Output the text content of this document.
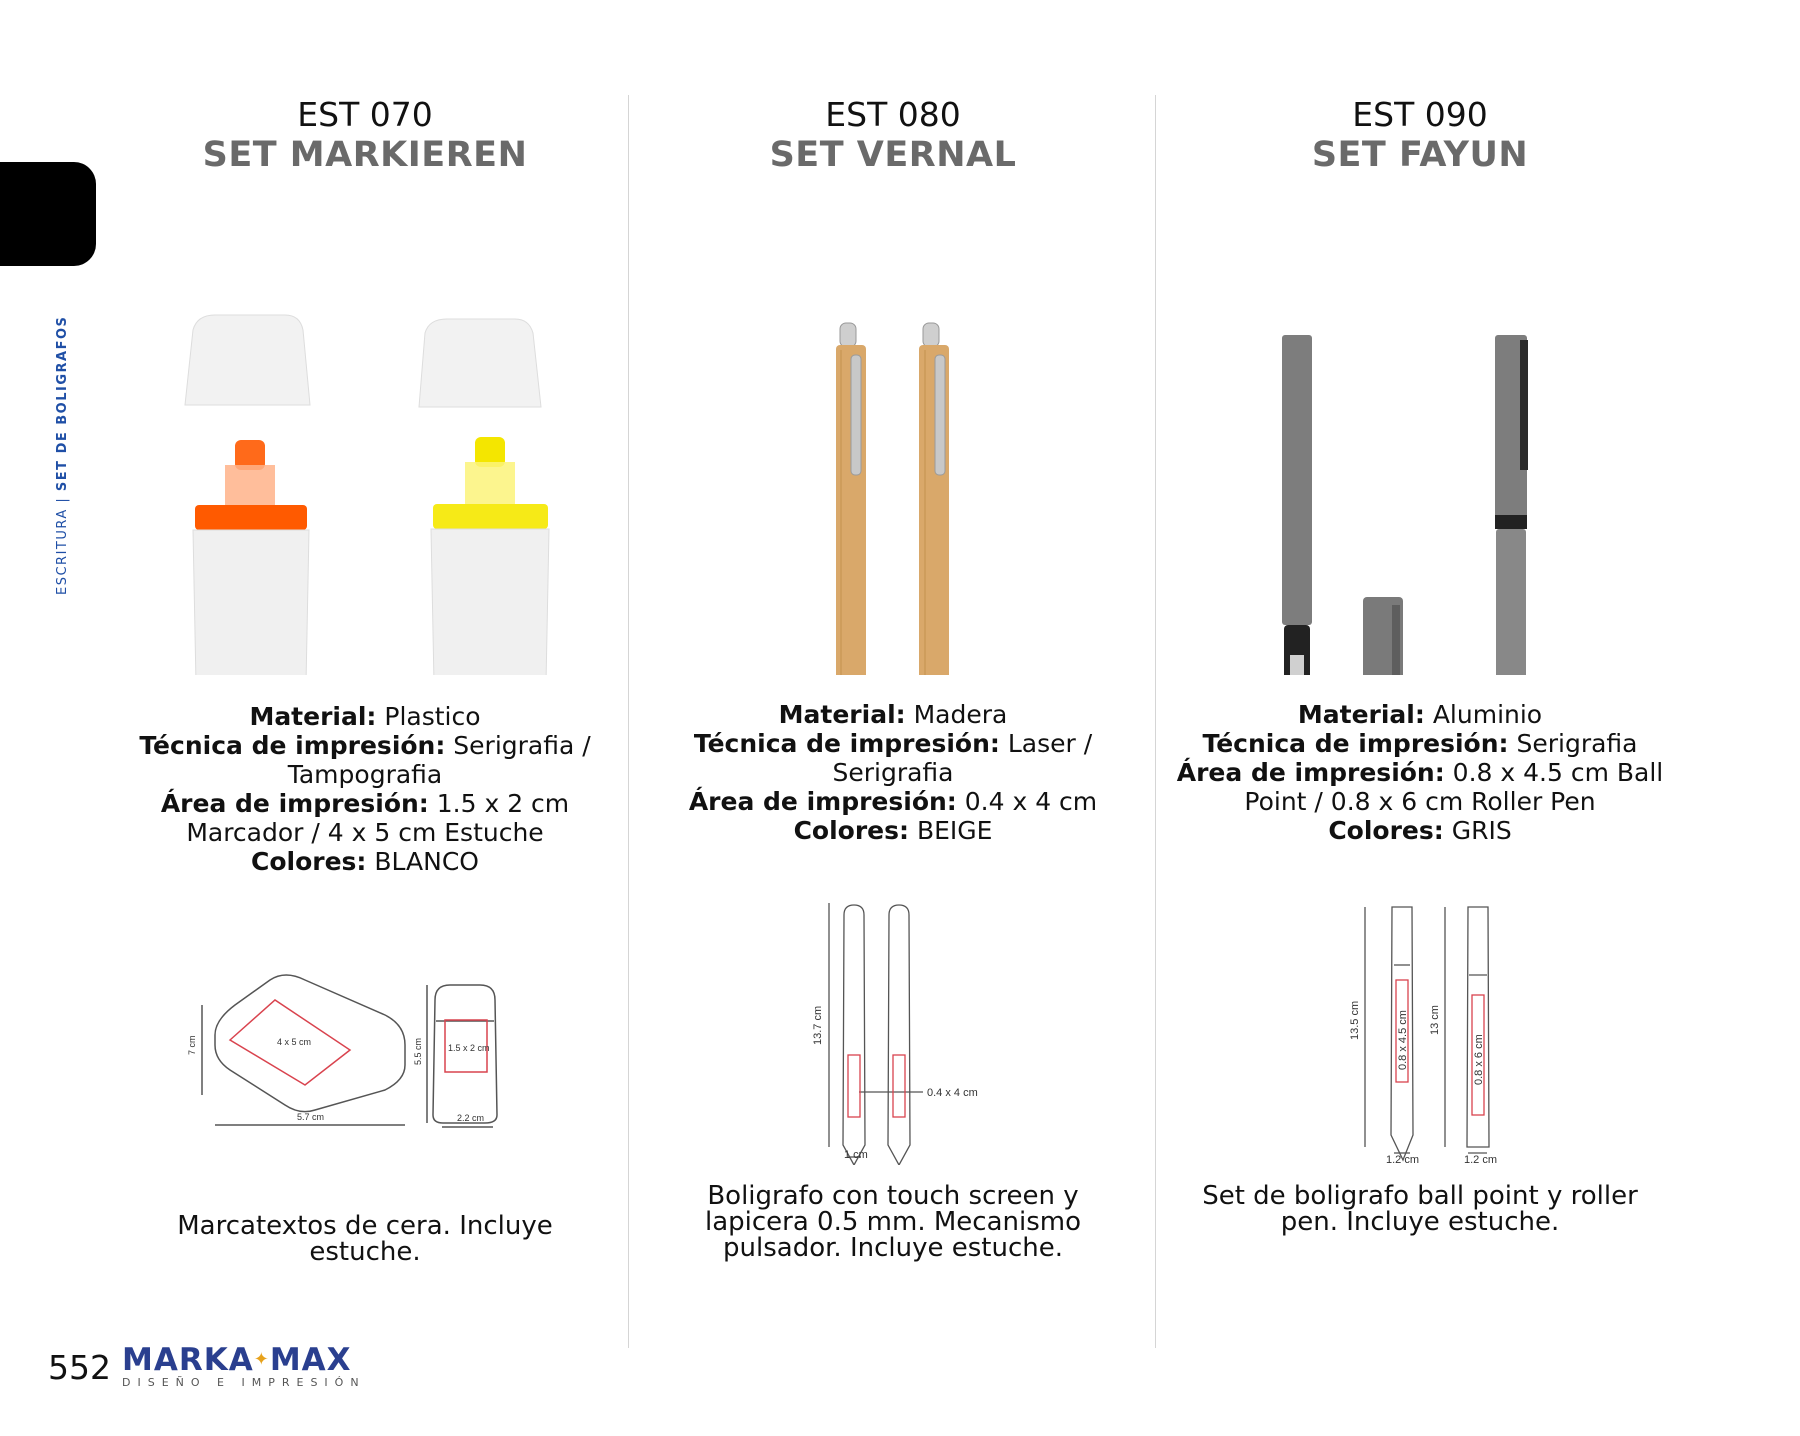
ESCRITURA | SET DE BOLIGRAFOS
EST 070
SET MARKIEREN
Material: Plastico
Técnica de impresión: Serigrafia / Tampografia
Área de impresión: 1.5 x 2 cm Marcador / 4 x 5 cm Estuche
Colores: BLANCO
4 x 5 cm
7 cm
5.7 cm
1.5 x 2 cm
5.5 cm
2.2 cm
Marcatextos de cera. Incluye estuche.
EST 080
SET VERNAL
Material: Madera
Técnica de impresión: Laser / Serigrafia
Área de impresión: 0.4 x 4 cm
Colores: BEIGE
13.7 cm
0.4 x 4 cm
1 cm
Boligrafo con touch screen y lapicera 0.5 mm. Mecanismo pulsador. Incluye estuche.
EST 090
SET FAYUN
Material: Aluminio
Técnica de impresión: Serigrafia
Área de impresión: 0.8 x 4.5 cm Ball Point / 0.8 x 6 cm Roller Pen
Colores: GRIS
13.5 cm	0.8 x 4.5 cm 13 cm
0.8 x 6 cm
1.2 cm	1.2 cm
Set de boligrafo ball point y roller pen. Incluye estuche.
552 MARKA✦MAX
DISEÑO E IMPRESIÓN
